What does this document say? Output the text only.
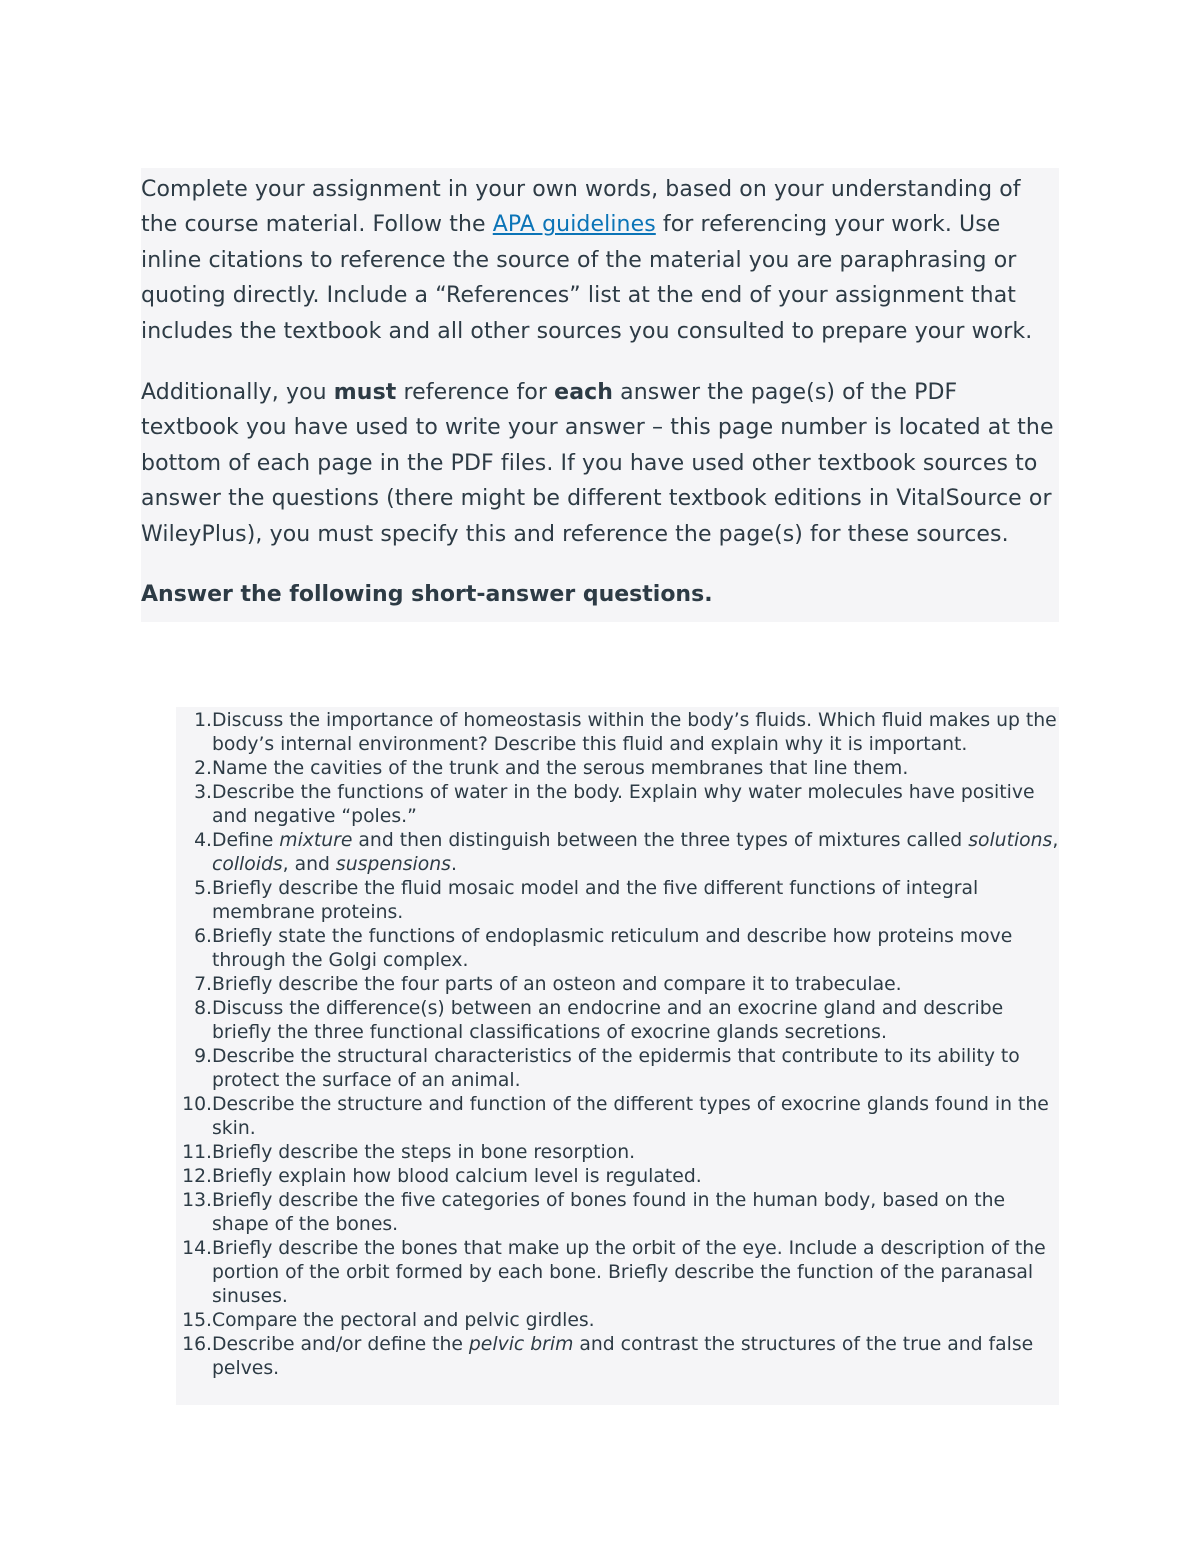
Complete your assignment in your own words, based on your understanding of the course material. Follow the APA guidelines for referencing your work. Use inline citations to reference the source of the material you are paraphrasing or quoting directly. Include a “References” list at the end of your assignment that includes the textbook and all other sources you consulted to prepare your work.

Additionally, you must reference for each answer the page(s) of the PDF textbook you have used to write your answer – this page number is located at the bottom of each page in the PDF files. If you have used other textbook sources to answer the questions (there might be different textbook editions in VitalSource or WileyPlus), you must specify this and reference the page(s) for these sources.

Answer the following short-answer questions.
1. Discuss the importance of homeostasis within the body’s fluids. Which fluid makes up the body’s internal environment? Describe this fluid and explain why it is important.
2. Name the cavities of the trunk and the serous membranes that line them.
3. Describe the functions of water in the body. Explain why water molecules have positive and negative “poles.”
4. Define mixture and then distinguish between the three types of mixtures called solutions, colloids, and suspensions.
5. Briefly describe the fluid mosaic model and the five different functions of integral membrane proteins.
6. Briefly state the functions of endoplasmic reticulum and describe how proteins move through the Golgi complex.
7. Briefly describe the four parts of an osteon and compare it to trabeculae.
8. Discuss the difference(s) between an endocrine and an exocrine gland and describe briefly the three functional classifications of exocrine glands secretions.
9. Describe the structural characteristics of the epidermis that contribute to its ability to protect the surface of an animal.
10. Describe the structure and function of the different types of exocrine glands found in the skin.
11. Briefly describe the steps in bone resorption.
12. Briefly explain how blood calcium level is regulated.
13. Briefly describe the five categories of bones found in the human body, based on the shape of the bones.
14. Briefly describe the bones that make up the orbit of the eye. Include a description of the portion of the orbit formed by each bone. Briefly describe the function of the paranasal sinuses.
15. Compare the pectoral and pelvic girdles.
16. Describe and/or define the pelvic brim and contrast the structures of the true and false pelves.
